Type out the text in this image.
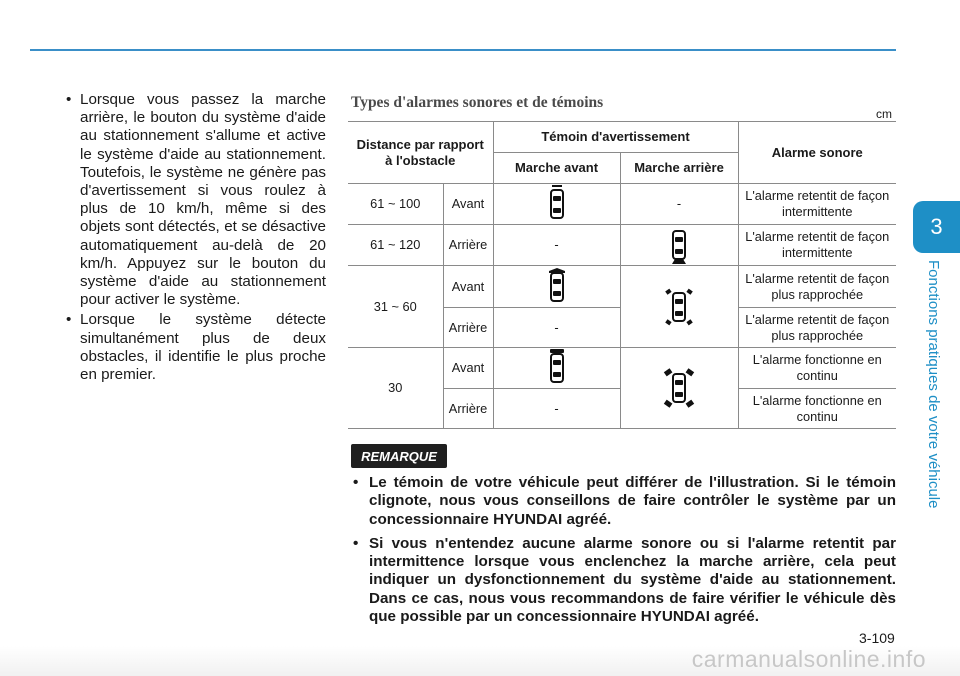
3
Fonctions pratiques de votre véhicule
• Lorsque vous passez la marche arrière, le bouton du système d'aide au stationnement s'allume et active le système d'aide au stationnement. Toutefois, le système ne génère pas d'avertissement si vous roulez à plus de 10 km/h, même si des objets sont détectés, et se désactive automatiquement au-delà de 20 km/h. Appuyez sur le bouton du système d'aide au stationnement pour activer le système.
• Lorsque le système détecte simultanément plus de deux obstacles, il identifie le plus proche en premier.
Types d'alarmes sonores et de témoins
cm
Distance par rapport à l'obstacle		Témoin d'avertissement		Alarme sonore
		Marche avant	Marche arrière	
61 ~ 100	Avant		-	L'alarme retentit de façon intermittente
61 ~ 120	Arrière	-		L'alarme retentit de façon intermittente
31 ~ 60	Avant			L'alarme retentit de façon plus rapprochée
	Arrière	-		L'alarme retentit de façon plus rapprochée
30	Avant			L'alarme fonctionne en continu
	Arrière	-		L'alarme fonctionne en continu
REMARQUE
• Le témoin de votre véhicule peut différer de l'illustration. Si le témoin clignote, nous vous conseillons de faire contrôler le système par un concessionnaire HYUNDAI agréé.
• Si vous n'entendez aucune alarme sonore ou si l'alarme retentit par intermittence lorsque vous enclenchez la marche arrière, cela peut indiquer un dysfonctionnement du système d'aide au stationnement. Dans ce cas, nous vous recommandons de faire vérifier le véhicule dès que possible par un concessionnaire HYUNDAI agréé.
3-109
carmanualsonline.info
